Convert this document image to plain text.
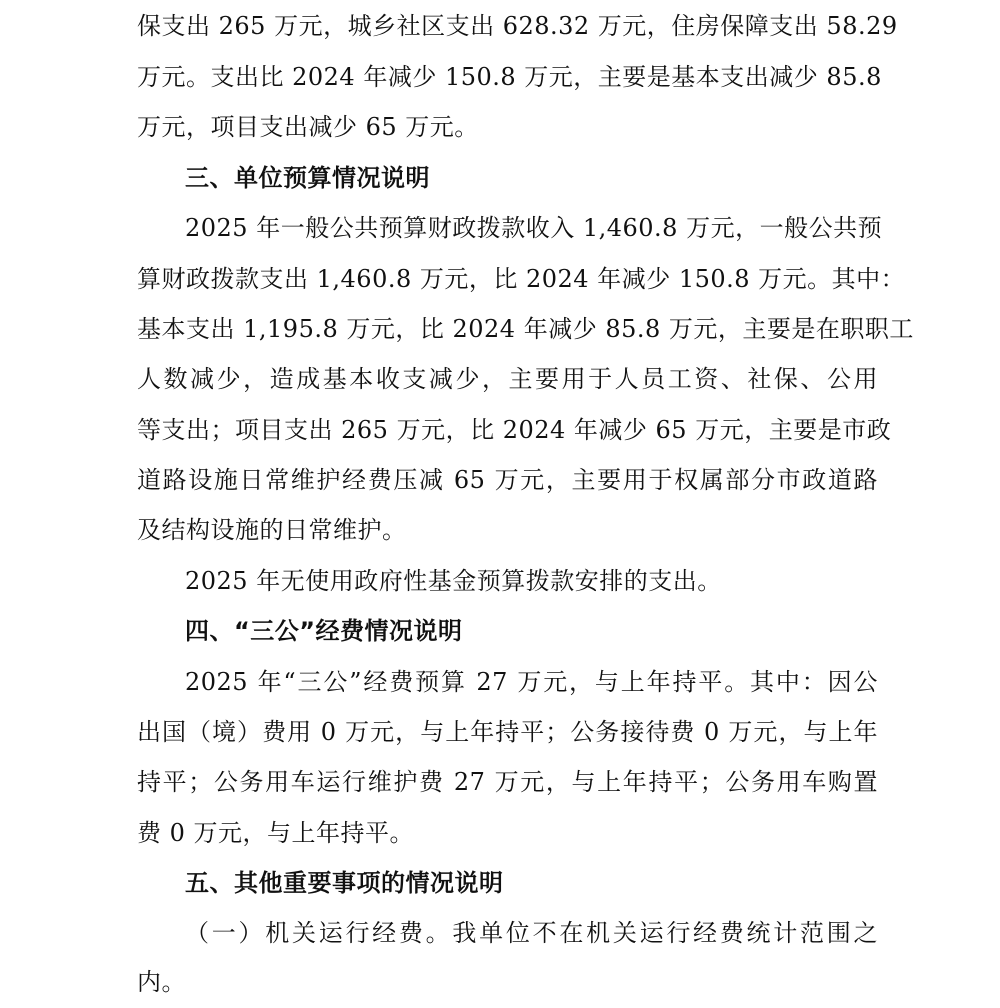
保支出 265 万元，城乡社区支出 628.32 万元，住房保障支出 58.29
万元。支出比 2024 年减少 150.8 万元，主要是基本支出减少 85.8
万元，项目支出减少 65 万元。
三、单位预算情况说明
2025 年一般公共预算财政拨款收入 1,460.8 万元，一般公共预
算财政拨款支出 1,460.8 万元，比 2024 年减少 150.8 万元。其中：
基本支出 1,195.8 万元，比 2024 年减少 85.8 万元，主要是在职职工
人数减少，造成基本收支减少，主要用于人员工资、社保、公用
等支出；项目支出 265 万元，比 2024 年减少 65 万元，主要是市政
道路设施日常维护经费压减 65 万元，主要用于权属部分市政道路
及结构设施的日常维护。
2025 年无使用政府性基金预算拨款安排的支出。
四、“三公”经费情况说明
2025 年“三公”经费预算 27 万元，与上年持平。其中：因公
出国（境）费用 0 万元，与上年持平；公务接待费 0 万元，与上年
持平；公务用车运行维护费 27 万元，与上年持平；公务用车购置
费 0 万元，与上年持平。
五、其他重要事项的情况说明
（一）机关运行经费。我单位不在机关运行经费统计范围之
内。
